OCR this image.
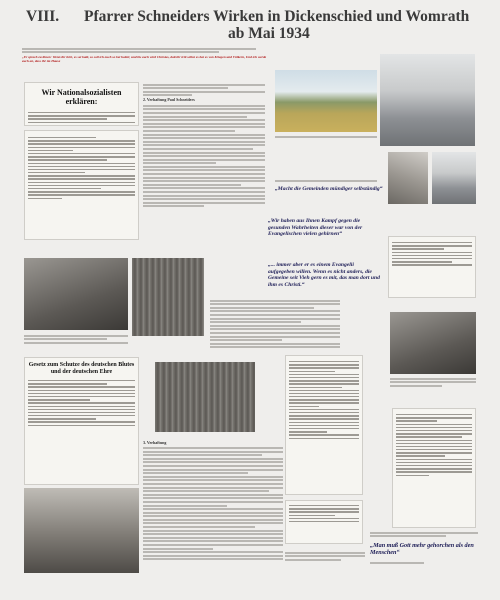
VIII. Pfarrer Schneiders Wirken in Dickenschied und Womrath
ab Mai 1934
„Er sprach zu ihnen: Wenn ihr hört, es sei bald, so soll ich euch so bei haltet; und bis euch wird Christus, daß ihr tritt selbst es hat es von Kriegen und Völkern, Und ich werde euch an, dass ihr im Hause
Wir Nationalsozialisten erklären:
Gesetz zum Schutze des deutschen Blutes und der deutschen Ehre
2. Verhaftung Paul Schneiders
„Macht die Gemeinden mündiger selbständig“
„Wir haben aus Ihnen Kampf gegen die gesunden Wahrheiten dieser war von der Evangelischen vielen gehirnen“
„... immer aber er es einem Evangelii aufgegeben willen. Wenn es nicht anders, die Gemeine seit Vieh gern es mit, das man dort und ihm es Christi.“
3. Verhaftung
„Man muß Gott mehr gehorchen als den Menschen“
